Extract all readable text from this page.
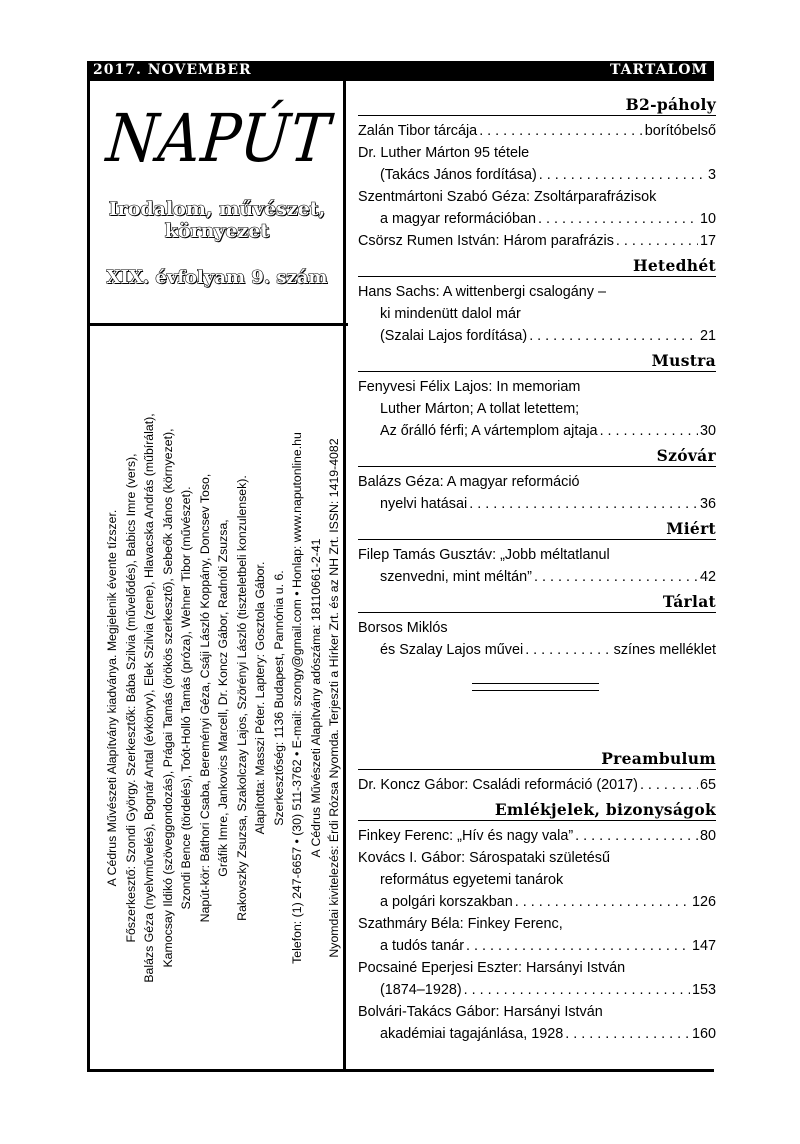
2017. NOVEMBER	TARTALOM
NAPÚT
Irodalom, művészet,
környezet
XIX. évfolyam 9. szám

A Cédrus Művészeti Alapítvány kiadványa. Megjelenik évente tízszer. Főszerkesztő: Szondi György. Szerkesztők: Bába Szilvia (művelődés), Babics Imre (vers), Balázs Géza (nyelvművelés), Bognár Antal (évkönyv), Elek Szilvia (zene), Hlavacska András (műbírálat), Kamocsay Ildikó (szöveggondozás), Prágai Tamás (örökös szerkesztő), Sebeők János (környezet), Szondi Bence (tördelés), Toót-Holló Tamás (próza), Wehner Tibor (művészet). Napút-kör: Báthori Csaba, Bereményi Géza, Csáji László Koppány, Doncsev Toso, Gráfik Imre, Jankovics Marcell, Dr. Koncz Gábor, Radnóti Zsuzsa, Rakovszky Zsuzsa, Szakolczay Lajos, Szörényi László (tiszteletbeli konzulensek). Alapította: Masszi Péter. Laptery: Gosztola Gábor. Szerkesztőség: 1136 Budapest, Pannónia u. 6. Telefon: (1) 247-6657 • (30) 511-3762 • E-mail: szongy@gmail.com • Honlap: www.naputonline.hu A Cédrus Művészeti Alapítvány adószáma: 18110661-2-41 Nyomdai kivitelezés: Érdi Rózsa Nyomda. Terjeszti a Hírker Zrt. és az NH Zrt. ISSN: 1419-4082

B2-páholy
Zalán Tibor tárcája . . .	borítóbelső
Dr. Luther Márton 95 tétele
(Takács János fordítása) . . .	3
Szentmártoni Szabó Géza: Zsoltárparafrázisok
a magyar reformációban . . .	10
Csörsz Rumen István: Három parafrázis . . .	17
Hetedhét
Hans Sachs: A wittenbergi csalogány –
ki mindenütt dalol már
(Szalai Lajos fordítása) . . .	21
Mustra
Fenyvesi Félix Lajos: In memoriam
Luther Márton; A tollat letettem;
Az őrálló férfi; A vártemplom ajtaja . . .	30
Szóvár
Balázs Géza: A magyar reformáció
nyelvi hatásai . . .	36
Miért
Filep Tamás Gusztáv: „Jobb méltatlanul
szenvedni, mint méltán” . . .	42
Tárlat
Borsos Miklós
és Szalay Lajos művei . . .	színes melléklet
Preambulum
Dr. Koncz Gábor: Családi reformáció (2017) . . .	65
Emlékjelek, bizonyságok
Finkey Ferenc: „Hív és nagy vala” . . .	80
Kovács I. Gábor: Sárospataki születésű
református egyetemi tanárok
a polgári korszakban . . .	126
Szathmáry Béla: Finkey Ferenc,
a tudós tanár . . .	147
Pocsainé Eperjesi Eszter: Harsányi István
(1874–1928) . . .	153
Bolvári-Takács Gábor: Harsányi István
akadémiai tagajánlása, 1928 . . .	160
